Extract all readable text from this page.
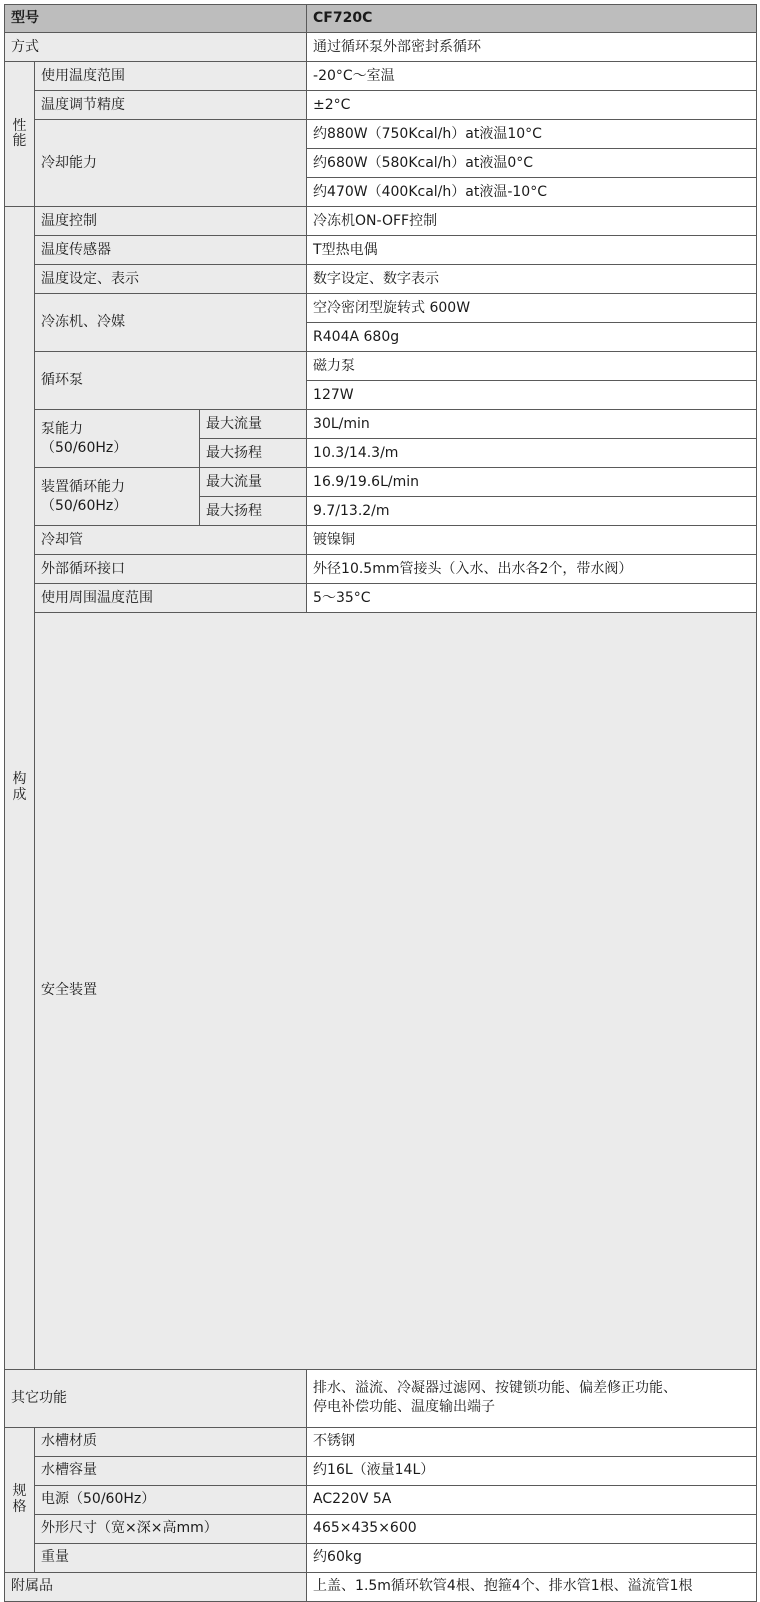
型号			CF720C	
方式			通过循环泵外部密封系循环	
性能	使用温度范围		-20°C～室温	
	温度调节精度		±2°C	
	冷却能力		约880W（750Kcal/h）at液温10°C	
			约680W（580Kcal/h）at液温0°C	
			约470W（400Kcal/h）at液温-10°C	
构成	温度控制		冷冻机ON-OFF控制	
	温度传感器		T型热电偶	
	温度设定、表示		数字设定、数字表示	
	冷冻机、冷媒		空冷密闭型旋转式 600W	
			R404A 680g	
	循环泵		磁力泵	
			127W	

	泵能力
（50/60Hz）	最大流量	30L/min	
		最大扬程	10.3/14.3/m	

	装置循环能力
（50/60Hz）	最大流量	16.9/19.6L/min	
		最大扬程	9.7/13.2/m	
	冷却管		镀镍铜	
	外部循环接口		外径10.5mm管接头（入水、出水各2个，带水阀）	
	使用周围温度范围		5～35°C	
	安全装置	

其它功能			排水、溢流、冷凝器过滤网、按键锁功能、偏差修正功能、
停电补偿功能、温度输出端子	

规格	水槽材质		不锈钢	
	水槽容量		约16L（液量14L）	
	电源（50/60Hz）		AC220V 5A	
	外形尺寸（宽×深×高mm）		465×435×600	
	重量		约60kg	
附属品			上盖、1.5m循环软管4根、抱箍4个、排水管1根、溢流管1根	
